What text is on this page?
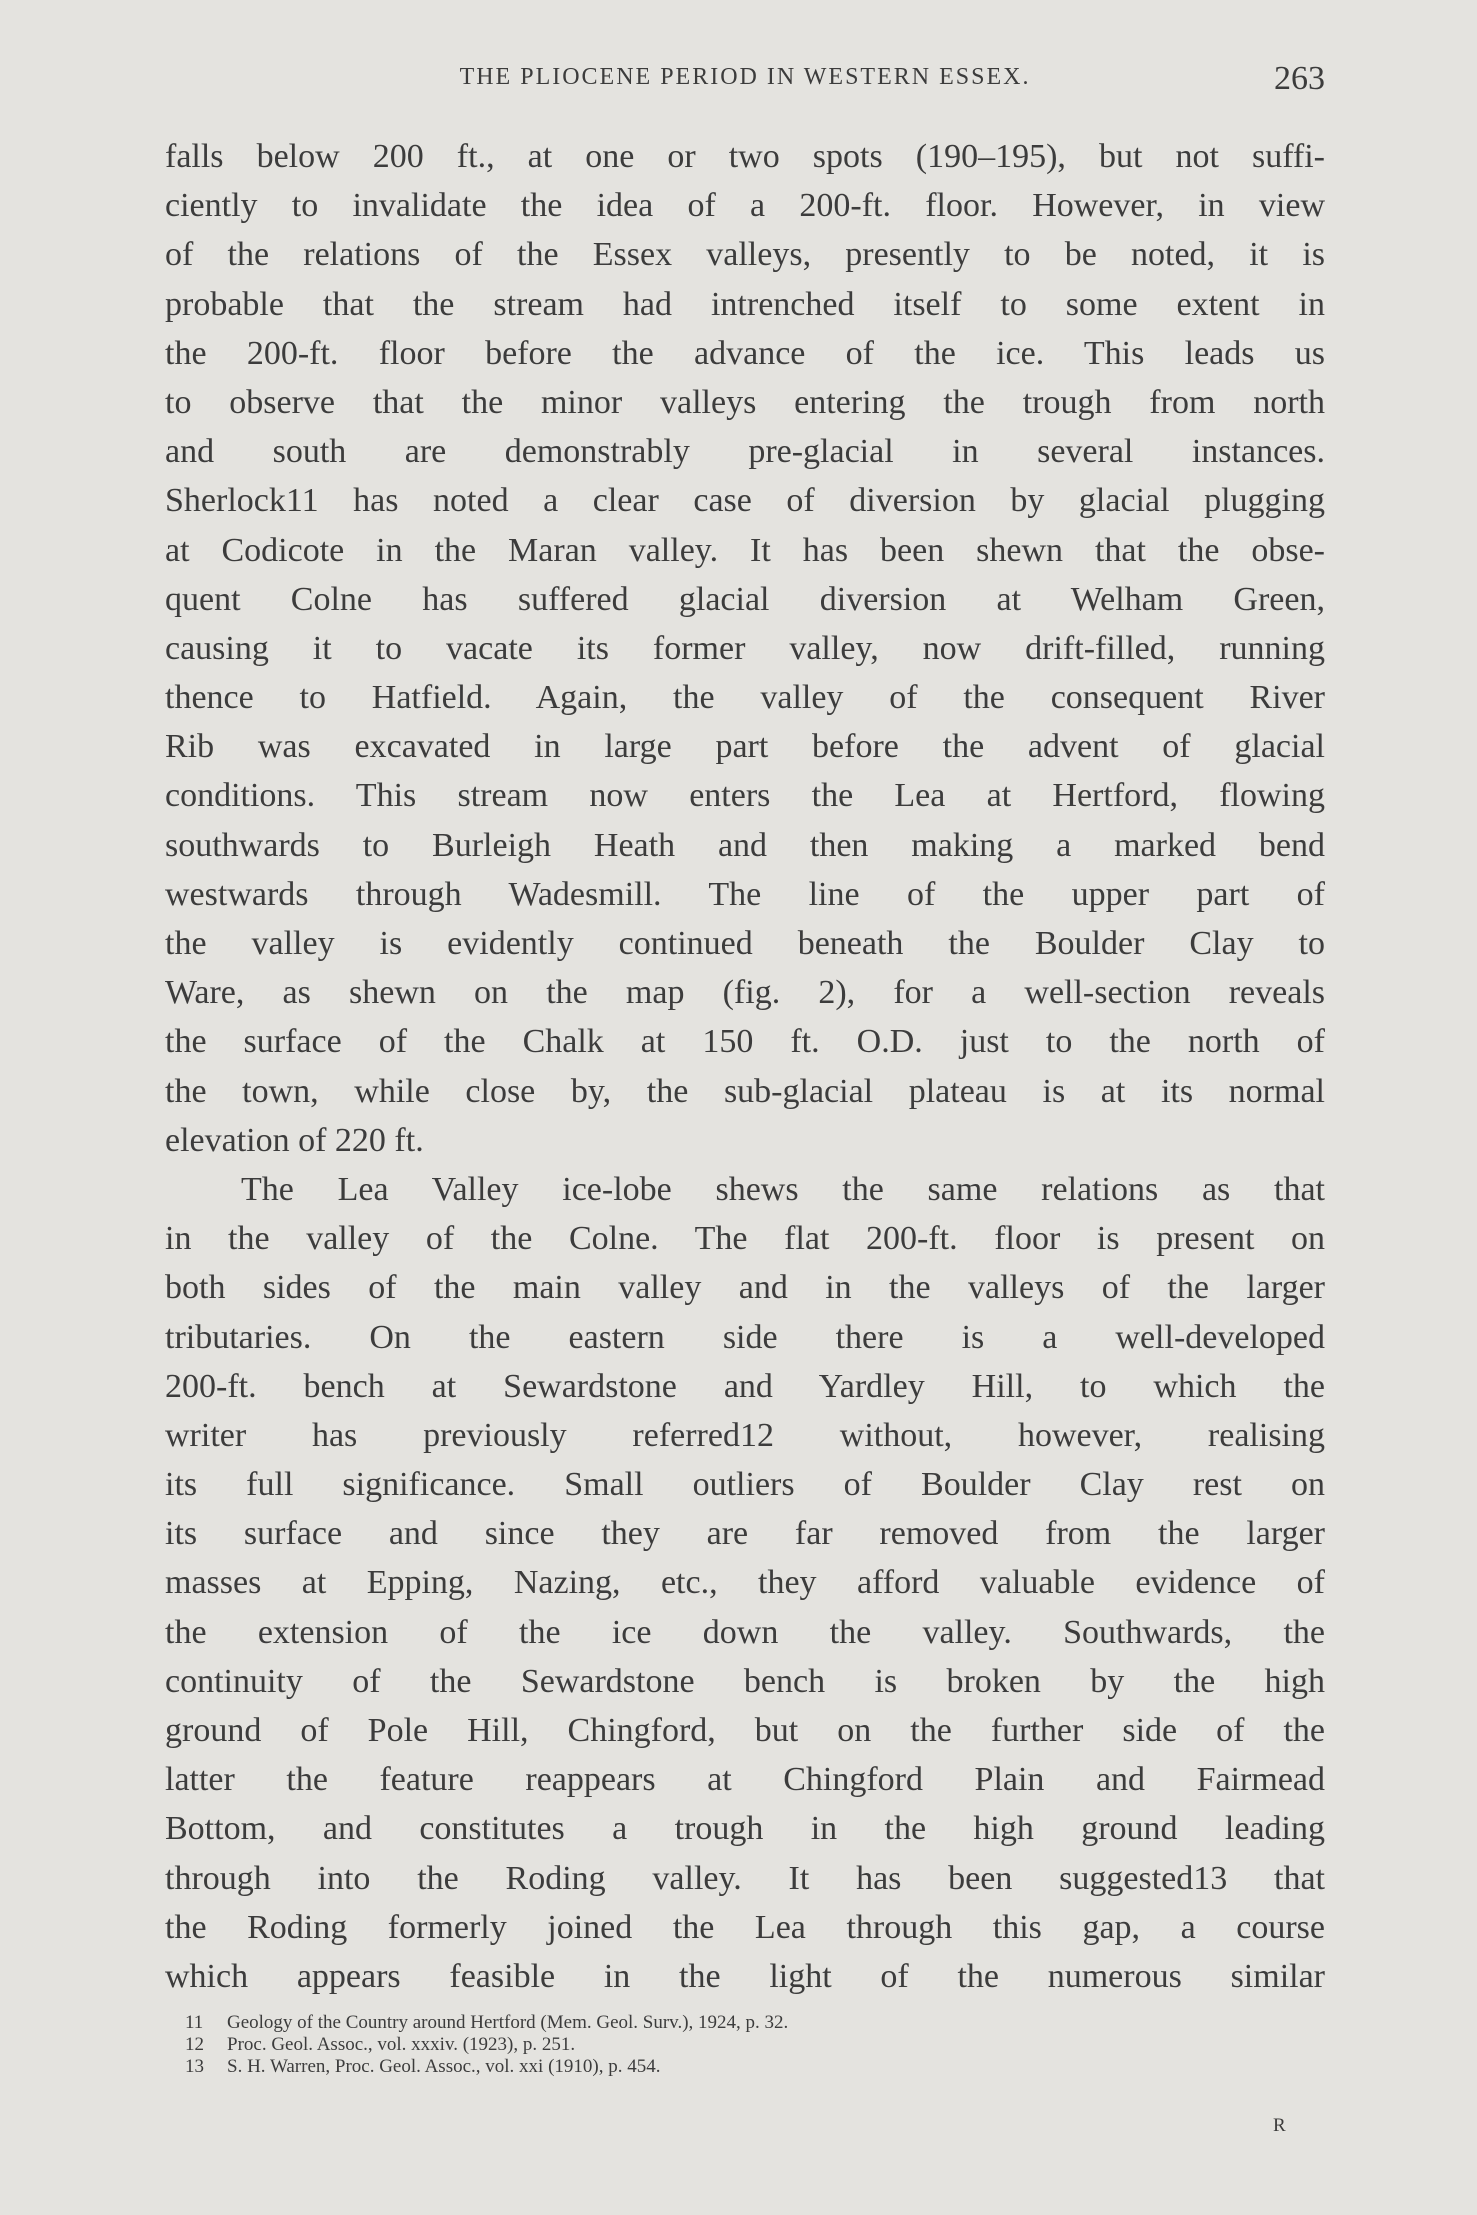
THE PLIOCENE PERIOD IN WESTERN ESSEX.	263
falls below 200 ft., at one or two spots (190–195), but not suffi-
ciently to invalidate the idea of a 200-ft. floor. However, in view
of the relations of the Essex valleys, presently to be noted, it is
probable that the stream had intrenched itself to some extent in
the 200-ft. floor before the advance of the ice. This leads us
to observe that the minor valleys entering the trough from north
and south are demonstrably pre-glacial in several instances.
Sherlock11 has noted a clear case of diversion by glacial plugging
at Codicote in the Maran valley. It has been shewn that the obse-
quent Colne has suffered glacial diversion at Welham Green,
causing it to vacate its former valley, now drift-filled, running
thence to Hatfield. Again, the valley of the consequent River
Rib was excavated in large part before the advent of glacial
conditions. This stream now enters the Lea at Hertford, flowing
southwards to Burleigh Heath and then making a marked bend
westwards through Wadesmill. The line of the upper part of
the valley is evidently continued beneath the Boulder Clay to
Ware, as shewn on the map (fig. 2), for a well-section reveals
the surface of the Chalk at 150 ft. O.D. just to the north of
the town, while close by, the sub-glacial plateau is at its normal
elevation of 220 ft.
The Lea Valley ice-lobe shews the same relations as that
in the valley of the Colne. The flat 200-ft. floor is present on
both sides of the main valley and in the valleys of the larger
tributaries. On the eastern side there is a well-developed
200-ft. bench at Sewardstone and Yardley Hill, to which the
writer has previously referred12 without, however, realising
its full significance. Small outliers of Boulder Clay rest on
its surface and since they are far removed from the larger
masses at Epping, Nazing, etc., they afford valuable evidence of
the extension of the ice down the valley. Southwards, the
continuity of the Sewardstone bench is broken by the high
ground of Pole Hill, Chingford, but on the further side of the
latter the feature reappears at Chingford Plain and Fairmead
Bottom, and constitutes a trough in the high ground leading
through into the Roding valley. It has been suggested13 that
the Roding formerly joined the Lea through this gap, a course
which appears feasible in the light of the numerous similar
11 Geology of the Country around Hertford (Mem. Geol. Surv.), 1924, p. 32.
12 Proc. Geol. Assoc., vol. xxxiv. (1923), p. 251.
13 S. H. Warren, Proc. Geol. Assoc., vol. xxi (1910), p. 454.
R
